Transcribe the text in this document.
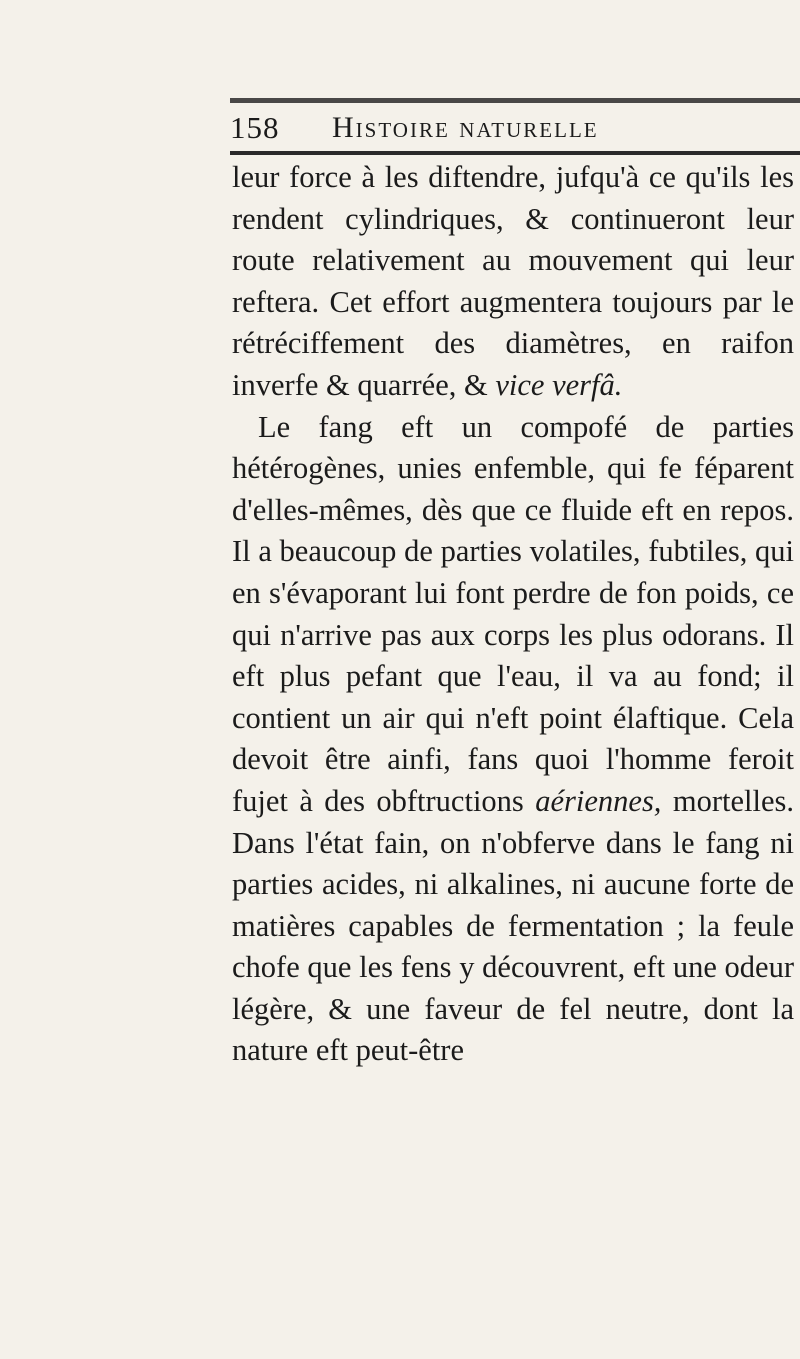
158 Histoire naturelle

leur force à les diftendre, jufqu'à ce qu'ils les rendent cylindriques, & continueront leur route relativement au mouvement qui leur reftera. Cet effort augmentera toujours par le rétréciffement des diamètres, en raifon inverfe & quarrée, & vice verfâ.

Le fang eft un compofé de parties hétérogènes, unies enfemble, qui fe féparent d'elles-mêmes, dès que ce fluide eft en repos. Il a beaucoup de parties volatiles, fubtiles, qui en s'évaporant lui font perdre de fon poids, ce qui n'arrive pas aux corps les plus odorans. Il eft plus pefant que l'eau, il va au fond; il contient un air qui n'eft point élaftique. Cela devoit être ainfi, fans quoi l'homme feroit fujet à des obftructions aériennes, mortelles. Dans l'état fain, on n'obferve dans le fang ni parties acides, ni alkalines, ni aucune forte de matières capables de fermentation ; la feule chofe que les fens y découvrent, eft une odeur légère, & une faveur de fel neutre, dont la nature eft peut-être
